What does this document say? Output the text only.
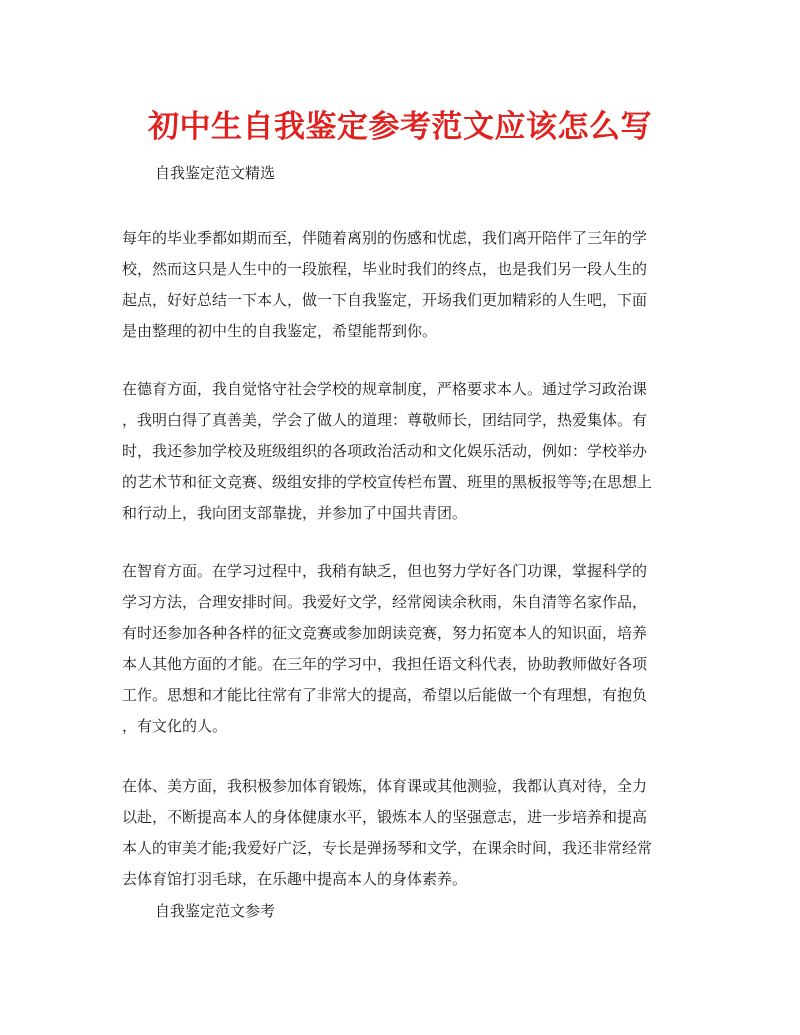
初中生自我鉴定参考范文应该怎么写
自我鉴定范文精选
每年的毕业季都如期而至，伴随着离别的伤感和忧虑，我们离开陪伴了三年的学
校，然而这只是人生中的一段旅程，毕业时我们的终点，也是我们另一段人生的
起点，好好总结一下本人，做一下自我鉴定，开场我们更加精彩的人生吧，下面
是由整理的初中生的自我鉴定，希望能帮到你。
在德育方面，我自觉恪守社会学校的规章制度，严格要求本人。通过学习政治课
，我明白得了真善美，学会了做人的道理：尊敬师长，团结同学，热爱集体。有
时，我还参加学校及班级组织的各项政治活动和文化娱乐活动，例如：学校举办
的艺术节和征文竞赛、级组安排的学校宣传栏布置、班里的黑板报等等;在思想上
和行动上，我向团支部靠拢，并参加了中国共青团。
在智育方面。在学习过程中，我稍有缺乏，但也努力学好各门功课，掌握科学的
学习方法，合理安排时间。我爱好文学，经常阅读余秋雨，朱自清等名家作品，
有时还参加各种各样的征文竞赛或参加朗读竞赛，努力拓宽本人的知识面，培养
本人其他方面的才能。在三年的学习中，我担任语文科代表，协助教师做好各项
工作。思想和才能比往常有了非常大的提高，希望以后能做一个有理想，有抱负
，有文化的人。
在体、美方面，我积极参加体育锻炼，体育课或其他测验，我都认真对待，全力
以赴，不断提高本人的身体健康水平，锻炼本人的坚强意志，进一步培养和提高
本人的审美才能;我爱好广泛，专长是弹扬琴和文学，在课余时间，我还非常经常
去体育馆打羽毛球，在乐趣中提高本人的身体素养。
自我鉴定范文参考
